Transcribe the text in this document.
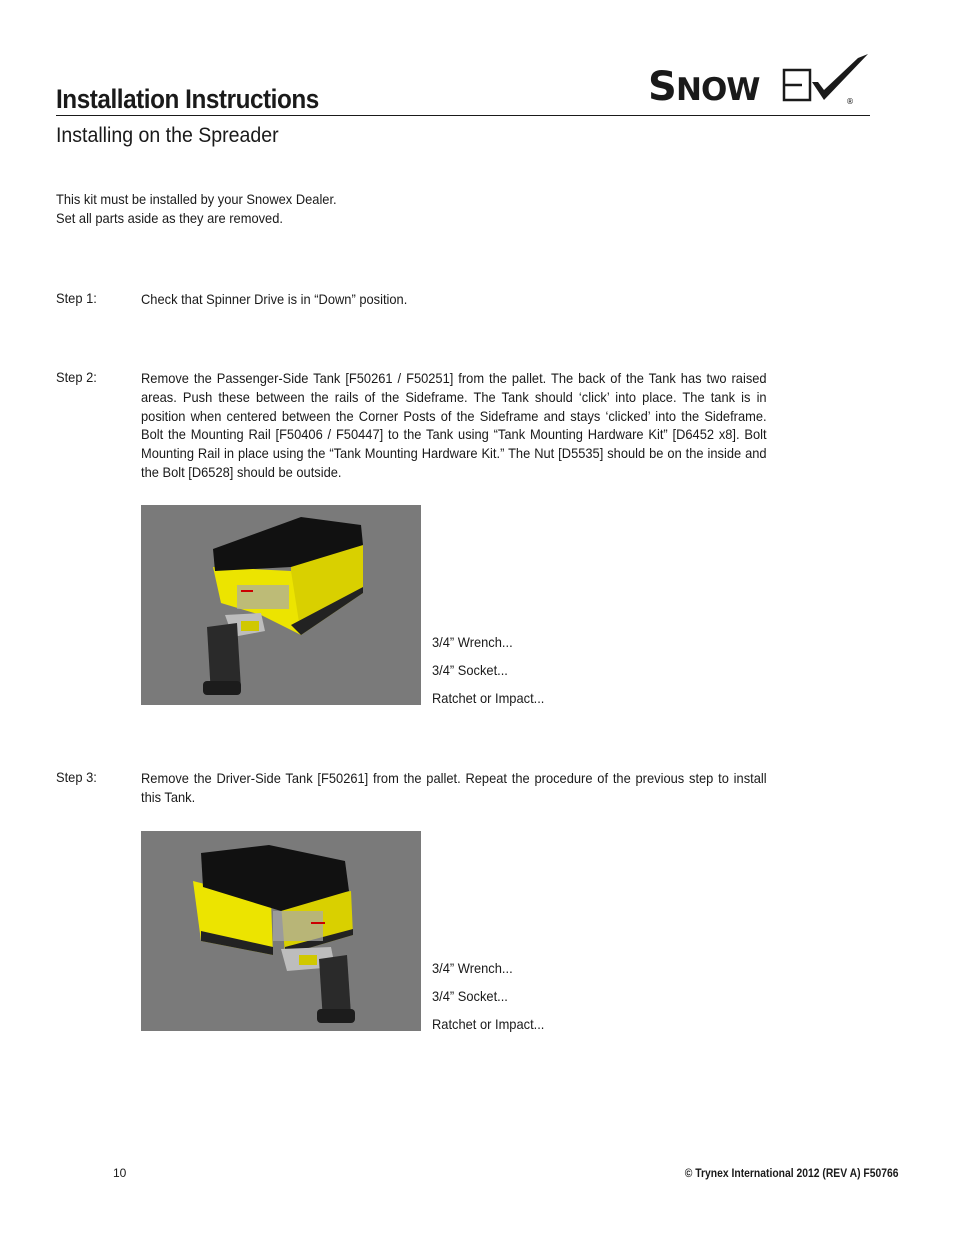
Installation Instructions
Installing on the Spreader
S NOW	®
This kit must be installed by your Snowex Dealer.
Set all parts aside as they are removed.
Step 1:	Check that Spinner Drive is in “Down” position.
Step 2:	Remove the Passenger-Side Tank [F50261 / F50251] from the pallet. The back of the Tank has two raised areas. Push these between the rails of the Sideframe. The Tank should ‘click’ into place. The tank is in position when centered between the Corner Posts of the Sideframe and stays ‘clicked’ into the Sideframe. Bolt the Mounting Rail [F50406 / F50447] to the Tank using “Tank Mounting Hardware Kit” [D6452 x8]. Bolt Mounting Rail in place using the “Tank Mounting Hardware Kit.” The Nut [D5535] should be on the inside and the Bolt [D6528] should be outside.
3/4” Wrench...
3/4” Socket...
Ratchet or Impact...
Step 3:	Remove the Driver-Side Tank [F50261] from the pallet. Repeat the procedure of the previous step to install this Tank.
3/4” Wrench...
3/4” Socket...
Ratchet or Impact...
10	© Trynex International 2012 (REV A) F50766
